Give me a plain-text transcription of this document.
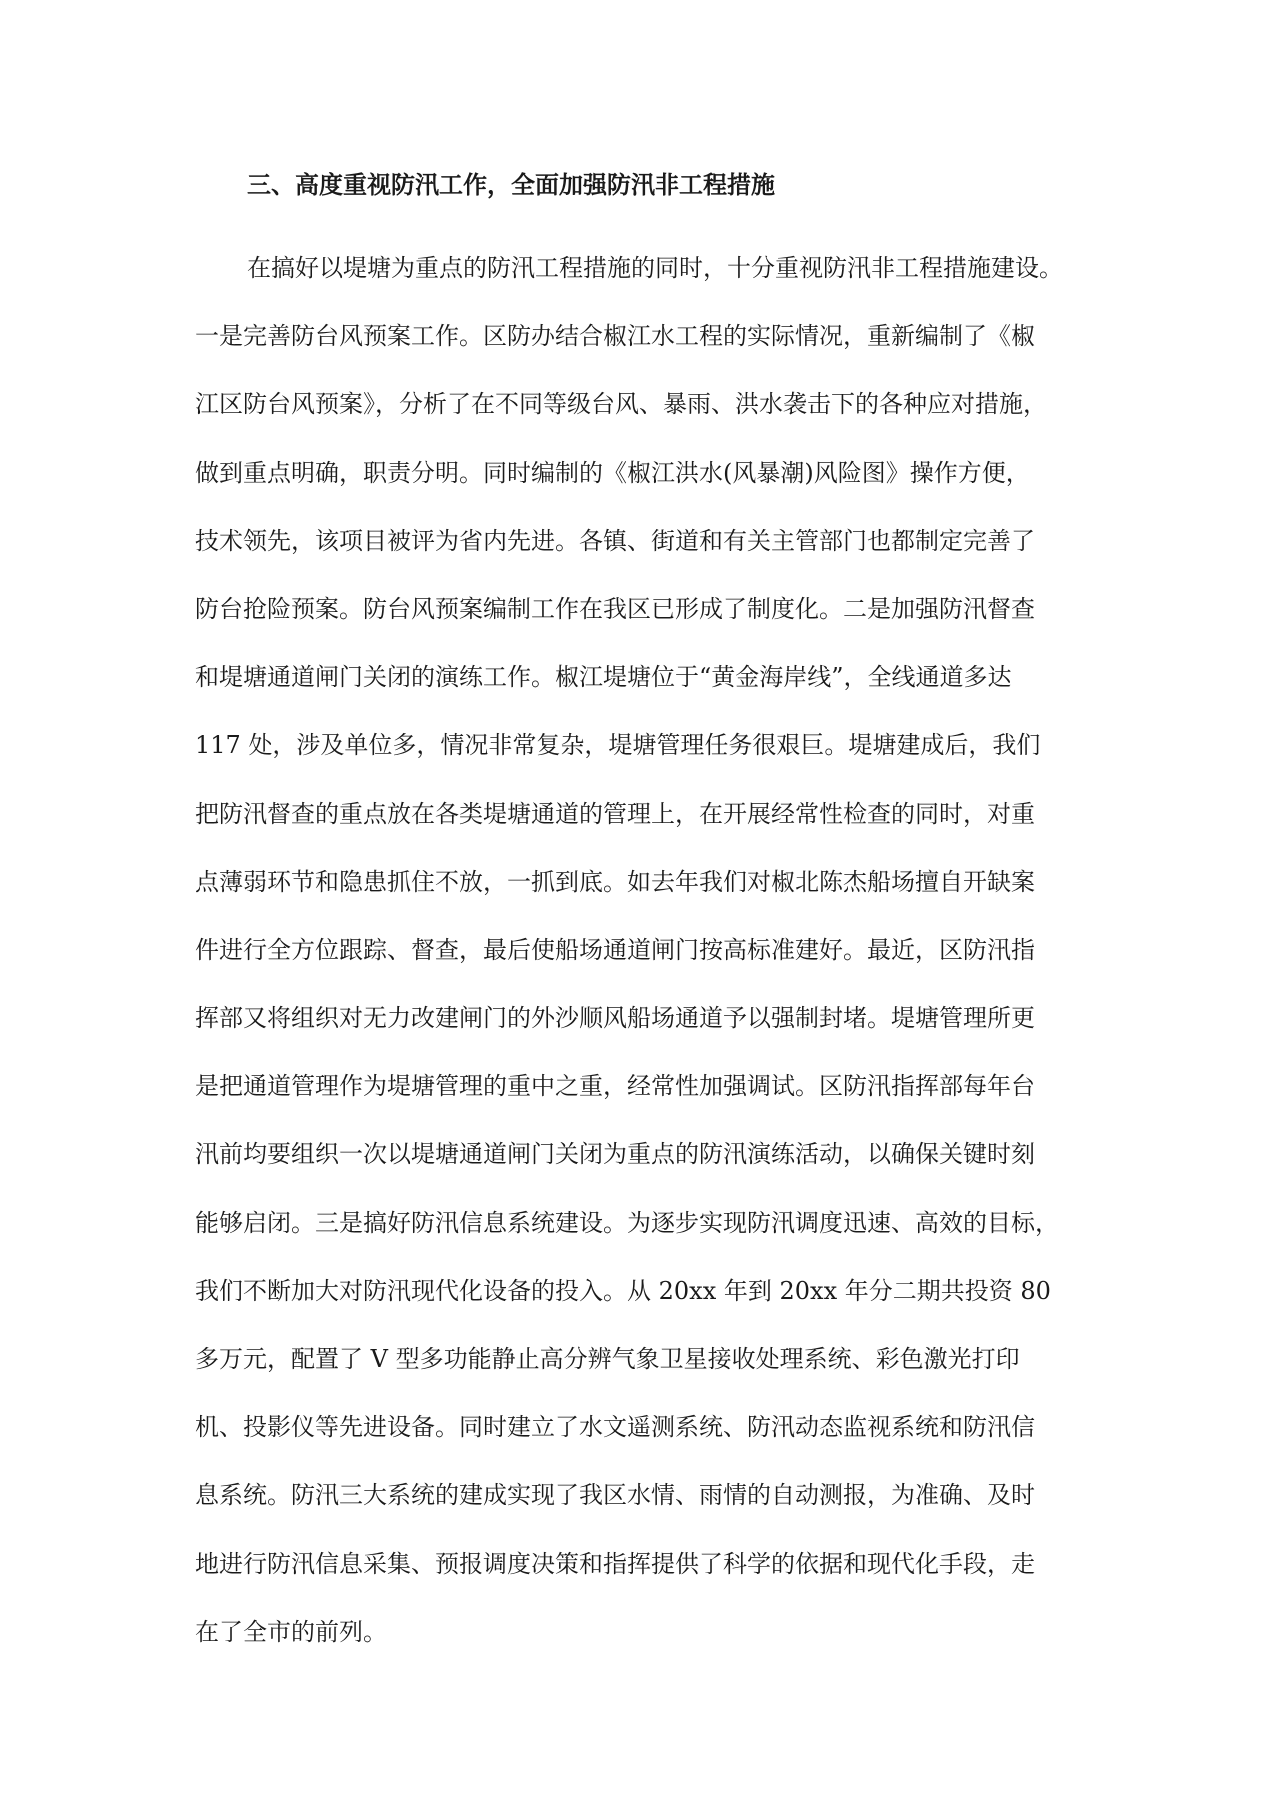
三、高度重视防汛工作，全面加强防汛非工程措施
在搞好以堤塘为重点的防汛工程措施的同时，十分重视防汛非工程措施建设。
一是完善防台风预案工作。区防办结合椒江水工程的实际情况，重新编制了《椒
江区防台风预案》，分析了在不同等级台风、暴雨、洪水袭击下的各种应对措施，
做到重点明确，职责分明。同时编制的《椒江洪水(风暴潮)风险图》操作方便，
技术领先，该项目被评为省内先进。各镇、街道和有关主管部门也都制定完善了
防台抢险预案。防台风预案编制工作在我区已形成了制度化。二是加强防汛督查
和堤塘通道闸门关闭的演练工作。椒江堤塘位于“黄金海岸线”，全线通道多达
117 处，涉及单位多，情况非常复杂，堤塘管理任务很艰巨。堤塘建成后，我们
把防汛督查的重点放在各类堤塘通道的管理上，在开展经常性检查的同时，对重
点薄弱环节和隐患抓住不放，一抓到底。如去年我们对椒北陈杰船场擅自开缺案
件进行全方位跟踪、督查，最后使船场通道闸门按高标准建好。最近，区防汛指
挥部又将组织对无力改建闸门的外沙顺风船场通道予以强制封堵。堤塘管理所更
是把通道管理作为堤塘管理的重中之重，经常性加强调试。区防汛指挥部每年台
汛前均要组织一次以堤塘通道闸门关闭为重点的防汛演练活动，以确保关键时刻
能够启闭。三是搞好防汛信息系统建设。为逐步实现防汛调度迅速、高效的目标，
我们不断加大对防汛现代化设备的投入。从 20xx 年到 20xx 年分二期共投资 80
多万元，配置了 V 型多功能静止高分辨气象卫星接收处理系统、彩色激光打印
机、投影仪等先进设备。同时建立了水文遥测系统、防汛动态监视系统和防汛信
息系统。防汛三大系统的建成实现了我区水情、雨情的自动测报，为准确、及时
地进行防汛信息采集、预报调度决策和指挥提供了科学的依据和现代化手段，走
在了全市的前列。
